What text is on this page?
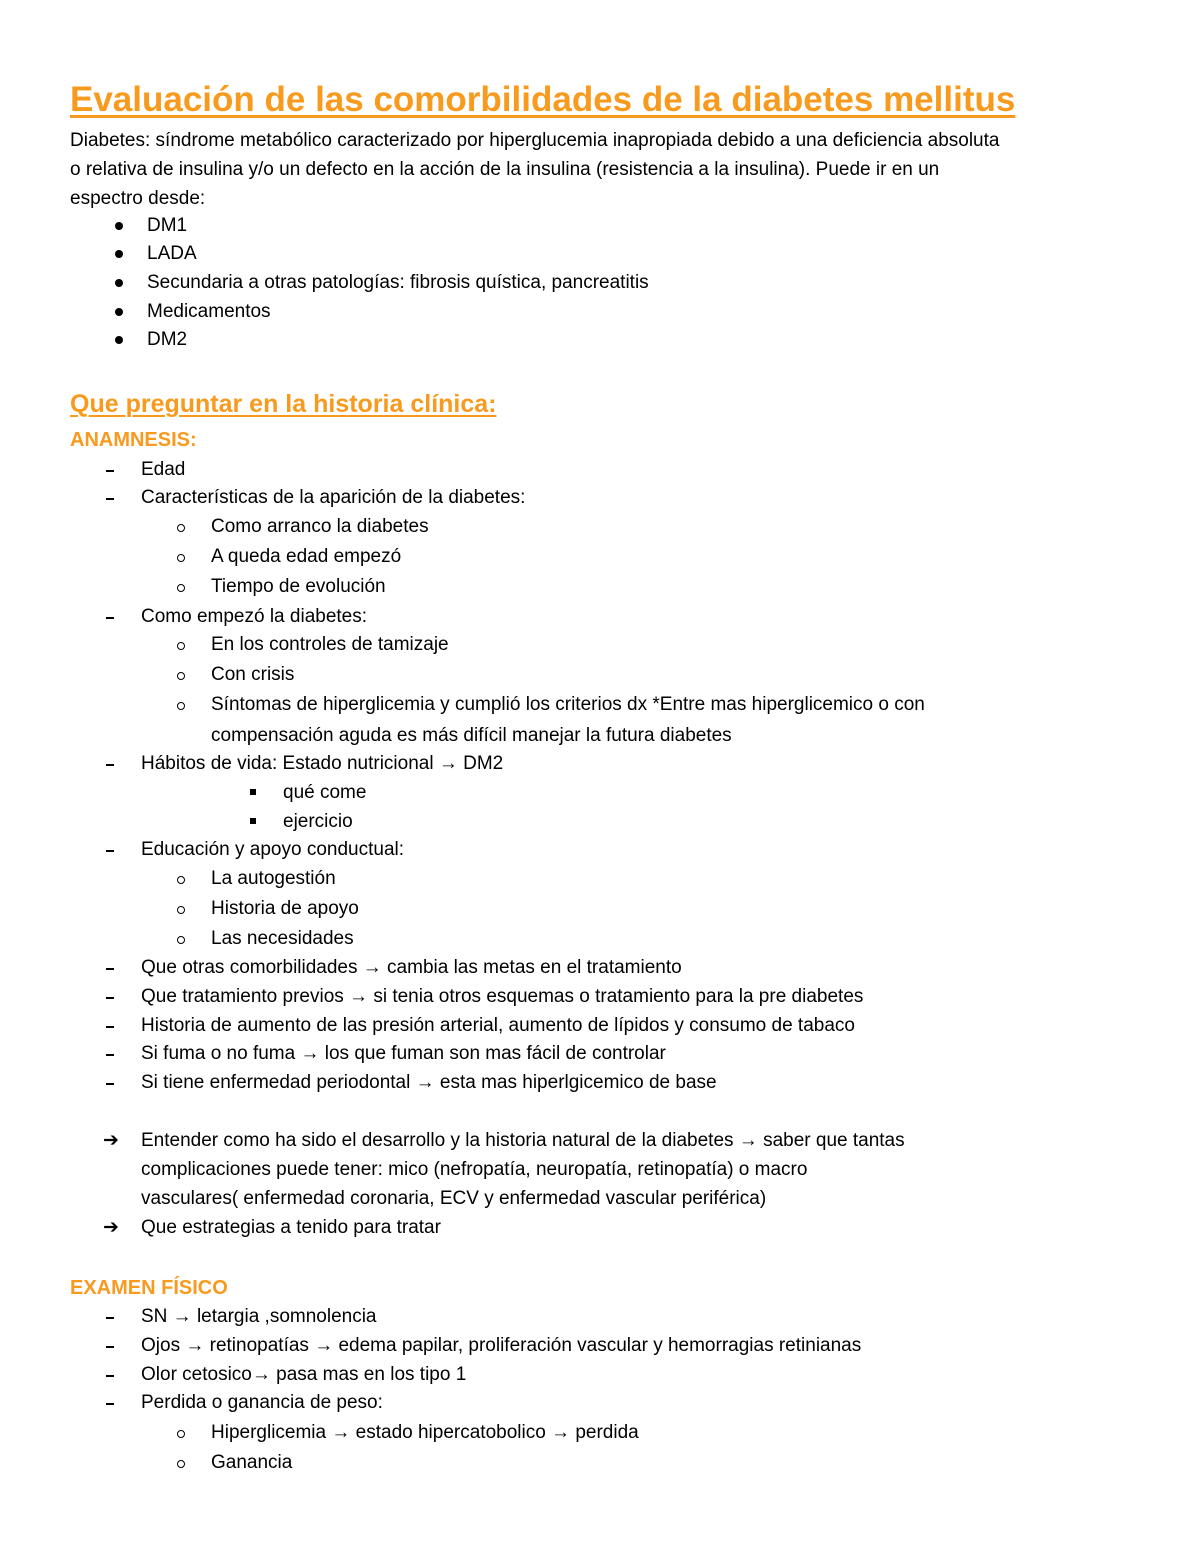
Evaluación de las comorbilidades de la diabetes mellitus
Diabetes: síndrome metabólico caracterizado por hiperglucemia inapropiada debido a una deficiencia absoluta
o relativa de insulina y/o un defecto en la acción de la insulina (resistencia a la insulina). Puede ir en un
espectro desde:
DM1
LADA
Secundaria a otras patologías: fibrosis quística, pancreatitis
Medicamentos
DM2
Que preguntar en la historia clínica:
ANAMNESIS:
Edad
Características de la aparición de la diabetes:
Como arranco la diabetes
A queda edad empezó
Tiempo de evolución
Como empezó la diabetes:
En los controles de tamizaje
Con crisis
Síntomas de hiperglicemia y cumplió los criterios dx *Entre mas hiperglicemico o con
compensación aguda es más difícil manejar la futura diabetes
Hábitos de vida: Estado nutricional → DM2
qué come
ejercicio
Educación y apoyo conductual:
La autogestión
Historia de apoyo
Las necesidades
Que otras comorbilidades → cambia las metas en el tratamiento
Que tratamiento previos → si tenia otros esquemas o tratamiento para la pre diabetes
Historia de aumento de las presión arterial, aumento de lípidos y consumo de tabaco
Si fuma o no fuma → los que fuman son mas fácil de controlar
Si tiene enfermedad periodontal → esta mas hiperlgicemico de base
➔ Entender como ha sido el desarrollo y la historia natural de la diabetes → saber que tantas
complicaciones puede tener: mico (nefropatía, neuropatía, retinopatía) o macro
vasculares( enfermedad coronaria, ECV y enfermedad vascular periférica)
➔ Que estrategias a tenido para tratar
EXAMEN FÍSICO
SN → letargia ,somnolencia
Ojos → retinopatías → edema papilar, proliferación vascular y hemorragias retinianas
Olor cetosico→ pasa mas en los tipo 1
Perdida o ganancia de peso:
Hiperglicemia → estado hipercatobolico → perdida
Ganancia
